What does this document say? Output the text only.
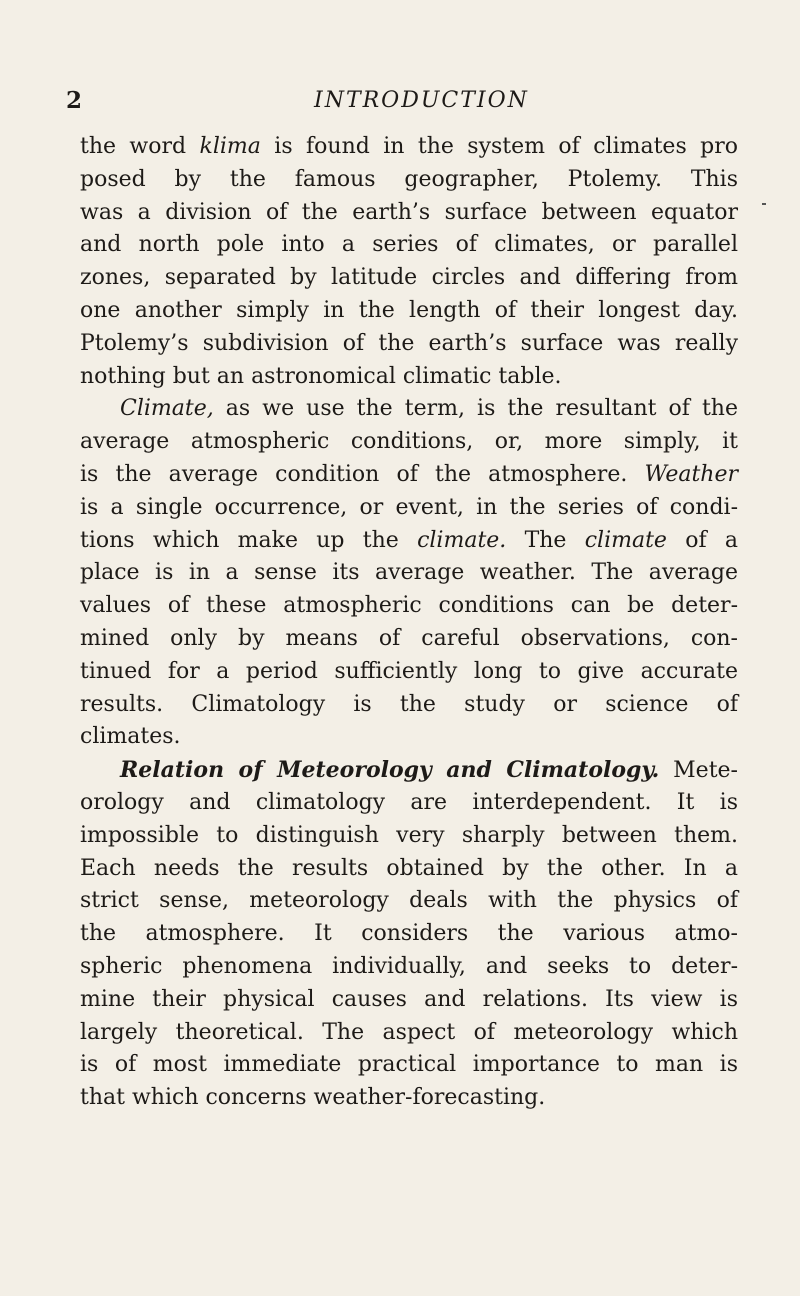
2	INTRODUCTION
the word klima is found in the system of climates pro
posed by the famous geographer, Ptolemy. This
was a division of the earth’s surface between equator
and north pole into a series of climates, or parallel
zones, separated by latitude circles and differing from
one another simply in the length of their longest day.
Ptolemy’s subdivision of the earth’s surface was really
nothing but an astronomical climatic table.
Climate, as we use the term, is the resultant of the
average atmospheric conditions, or, more simply, it
is the average condition of the atmosphere. Weather
is a single occurrence, or event, in the series of condi-
tions which make up the climate. The climate of a
place is in a sense its average weather. The average
values of these atmospheric conditions can be deter-
mined only by means of careful observations, con-
tinued for a period sufficiently long to give accurate
results. Climatology is the study or science of
climates.
Relation of Meteorology and Climatology. Mete-
orology and climatology are interdependent. It is
impossible to distinguish very sharply between them.
Each needs the results obtained by the other. In a
strict sense, meteorology deals with the physics of
the atmosphere. It considers the various atmo-
spheric phenomena individually, and seeks to deter-
mine their physical causes and relations. Its view is
largely theoretical. The aspect of meteorology which
is of most immediate practical importance to man is
that which concerns weather-forecasting.
